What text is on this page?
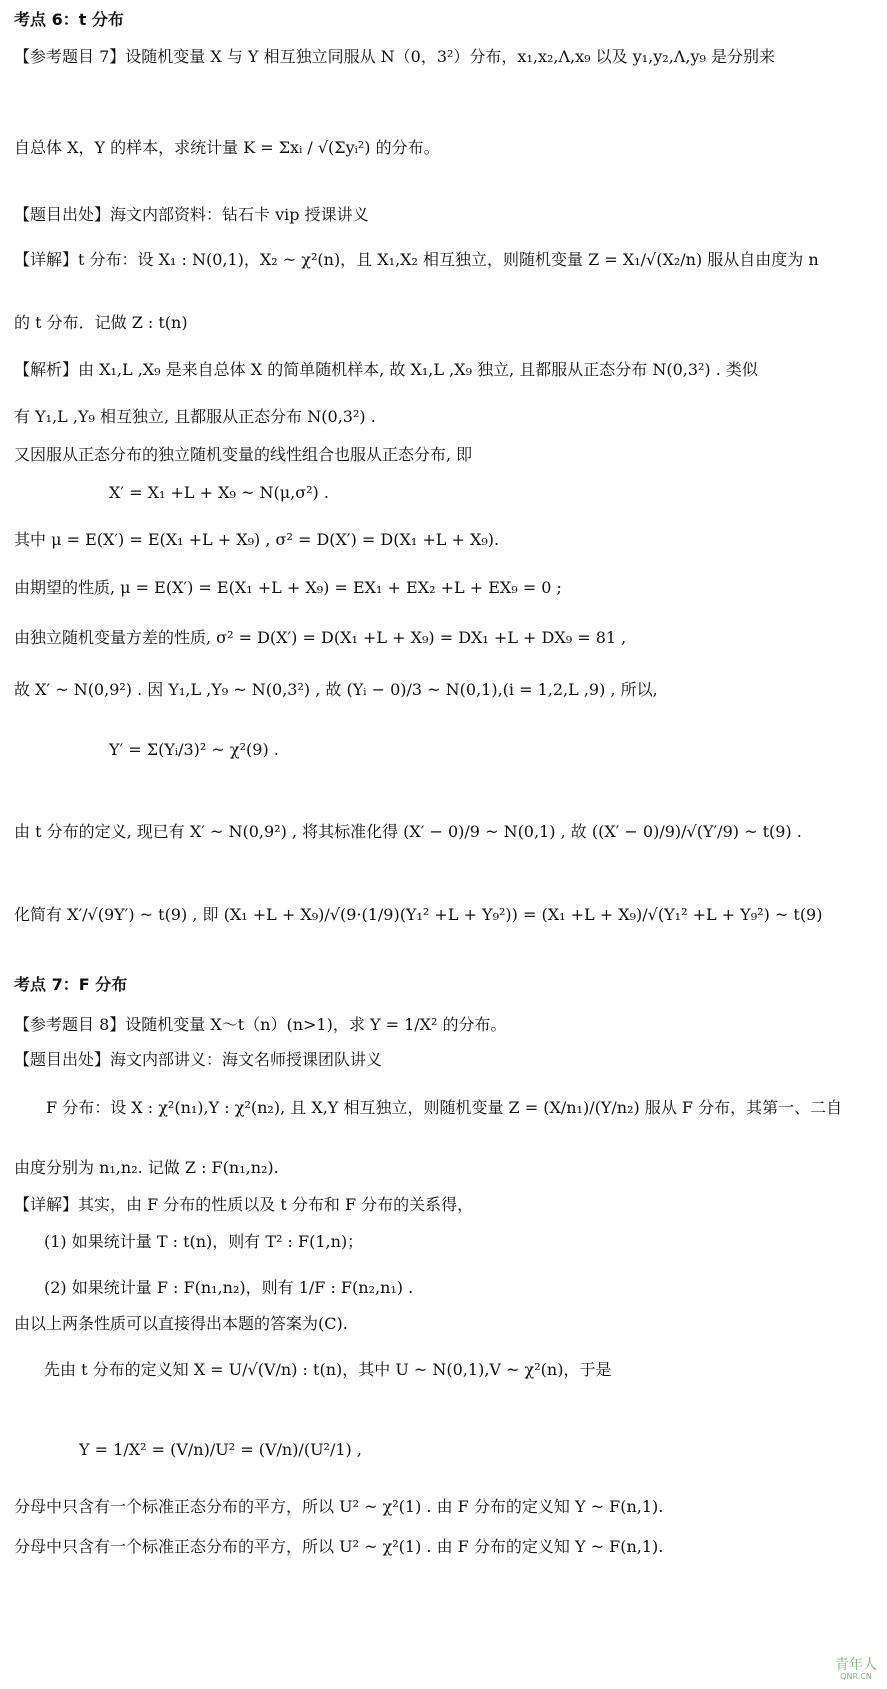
考点 6：t 分布
【参考题目 7】设随机变量 X 与 Y 相互独立同服从 N（0，3²）分布，x₁,x₂,Λ,x₉ 以及 y₁,y₂,Λ,y₉ 是分别来
自总体 X，Y 的样本，求统计量 K = Σxᵢ / √(Σyᵢ²) 的分布。
【题目出处】海文内部资料：钻石卡 vip 授课讲义
【详解】t 分布：设 X₁ : N(0,1)，X₂ ~ χ²(n)，且 X₁,X₂ 相互独立，则随机变量 Z = X₁/√(X₂/n) 服从自由度为 n
的 t 分布．记做 Z : t(n)
【解析】由 X₁,L ,X₉ 是来自总体 X 的简单随机样本, 故 X₁,L ,X₉ 独立, 且都服从正态分布 N(0,3²) . 类似
有 Y₁,L ,Y₉ 相互独立, 且都服从正态分布 N(0,3²) .
又因服从正态分布的独立随机变量的线性组合也服从正态分布, 即
X′ = X₁ +L + X₉ ~ N(μ,σ²) .
其中 μ = E(X′) = E(X₁ +L + X₉) , σ² = D(X′) = D(X₁ +L + X₉).
由期望的性质, μ = E(X′) = E(X₁ +L + X₉) = EX₁ + EX₂ +L + EX₉ = 0 ;
由独立随机变量方差的性质, σ² = D(X′) = D(X₁ +L + X₉) = DX₁ +L + DX₉ = 81 ,
故 X′ ~ N(0,9²) . 因 Y₁,L ,Y₉ ~ N(0,3²) , 故 (Yᵢ − 0)/3 ~ N(0,1),(i = 1,2,L ,9) , 所以,
Y′ = Σ(Yᵢ/3)² ~ χ²(9) .
由 t 分布的定义, 现已有 X′ ~ N(0,9²) , 将其标准化得 (X′ − 0)/9 ~ N(0,1) , 故 ((X′ − 0)/9)/√(Y′/9) ~ t(9) .
化简有 X′/√(9Y′) ~ t(9) , 即 (X₁ +L + X₉)/√(9·(1/9)(Y₁² +L + Y₉²)) = (X₁ +L + X₉)/√(Y₁² +L + Y₉²) ~ t(9)
考点 7：F 分布
【参考题目 8】设随机变量 X～t（n）(n>1)，求 Y = 1/X² 的分布。
【题目出处】海文内部讲义：海文名师授课团队讲义
F 分布：设 X : χ²(n₁),Y : χ²(n₂), 且 X,Y 相互独立，则随机变量 Z = (X/n₁)/(Y/n₂) 服从 F 分布，其第一、二自
由度分别为 n₁,n₂. 记做 Z : F(n₁,n₂).
【详解】其实，由 F 分布的性质以及 t 分布和 F 分布的关系得，
(1) 如果统计量 T : t(n)，则有 T² : F(1,n)；
(2) 如果统计量 F : F(n₁,n₂)，则有 1/F : F(n₂,n₁) .
由以上两条性质可以直接得出本题的答案为(C).
先由 t 分布的定义知 X = U/√(V/n) : t(n)，其中 U ~ N(0,1),V ~ χ²(n)，于是
Y = 1/X² = (V/n)/U² = (V/n)/(U²/1) ,
分母中只含有一个标准正态分布的平方，所以 U² ~ χ²(1) . 由 F 分布的定义知 Y ~ F(n,1).
分母中只含有一个标准正态分布的平方，所以 U² ~ χ²(1) . 由 F 分布的定义知 Y ~ F(n,1).
青年人
QNR.CN
